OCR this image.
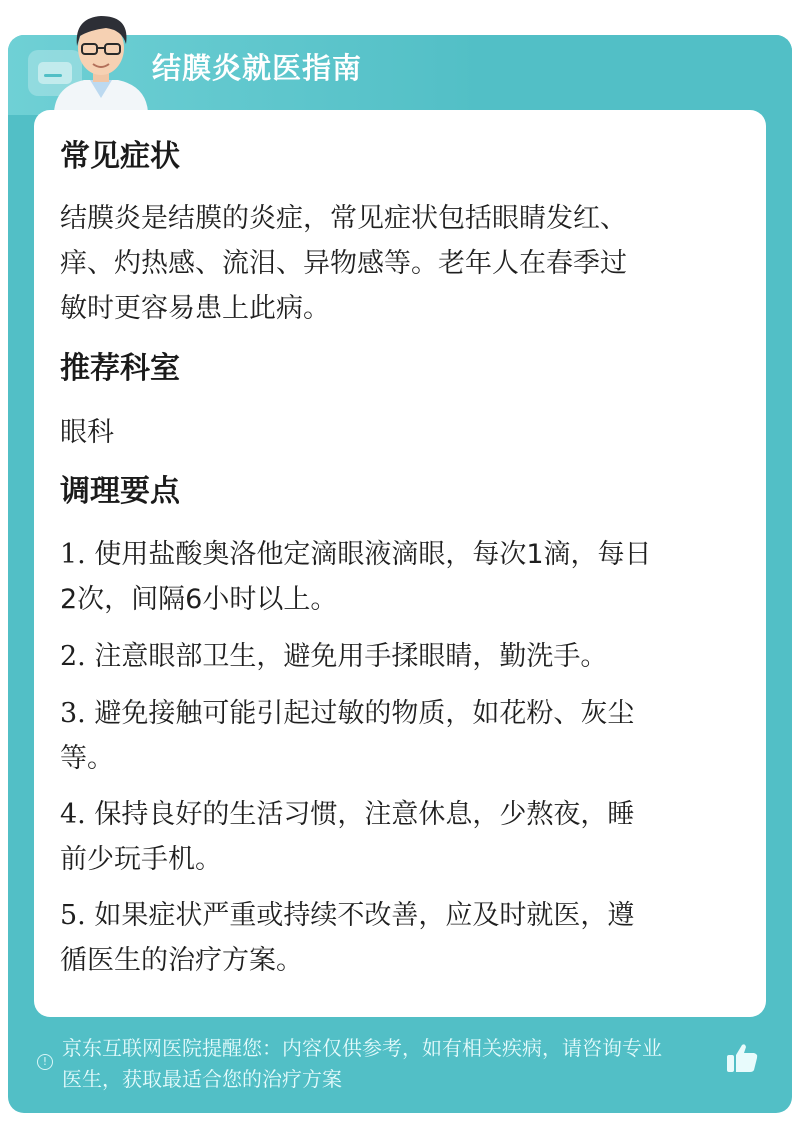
结膜炎就医指南
常见症状
结膜炎是结膜的炎症，常见症状包括眼睛发红、
痒、灼热感、流泪、异物感等。老年人在春季过
敏时更容易患上此病。
推荐科室
眼科
调理要点
1. 使用盐酸奥洛他定滴眼液滴眼，每次1滴，每日
2次，间隔6小时以上。
2. 注意眼部卫生，避免用手揉眼睛，勤洗手。
3. 避免接触可能引起过敏的物质，如花粉、灰尘
等。
4. 保持良好的生活习惯，注意休息，少熬夜，睡
前少玩手机。
5. 如果症状严重或持续不改善，应及时就医，遵
循医生的治疗方案。
!
京东互联网医院提醒您：内容仅供参考，如有相关疾病，请咨询专业
医生，获取最适合您的治疗方案
